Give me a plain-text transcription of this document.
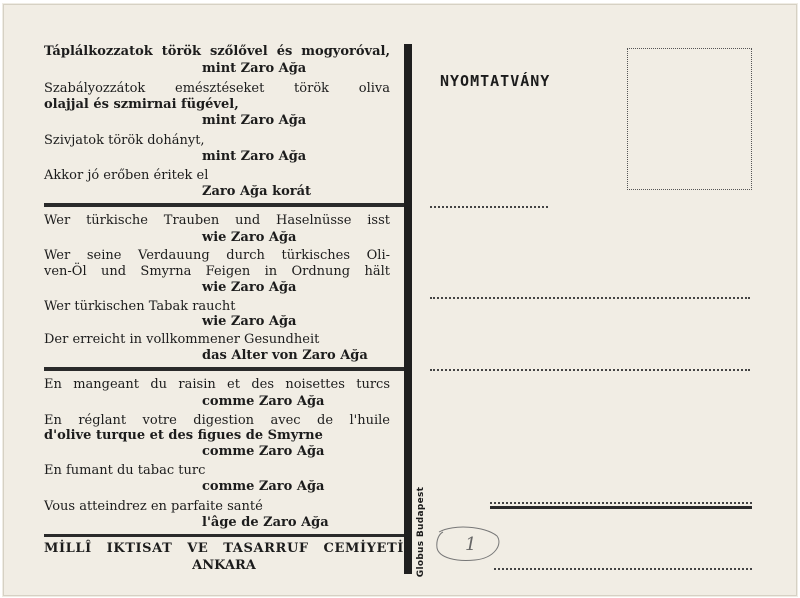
Táplálkozzatok török szőlővel és mogyoróval,

mint Zaro Ağa

Szabályozzátok emésztéseket török oliva

olajjal és szmirnai fügével,

mint Zaro Ağa

Szivjatok török dohányt,

mint Zaro Ağa

Akkor jó erőben éritek el

Zaro Ağa korát

Wer türkische Trauben und Haselnüsse isst

wie Zaro Ağa

Wer seine Verdauung durch türkisches Oli-

ven-Öl und Smyrna Feigen in Ordnung hält

wie Zaro Ağa

Wer türkischen Tabak raucht

wie Zaro Ağa

Der erreicht in vollkommener Gesundheit

das Alter von Zaro Ağa

En mangeant du raisin et des noisettes turcs

comme Zaro Ağa

En réglant votre digestion avec de l'huile

d'olive turque et des figues de Smyrne

comme Zaro Ağa

En fumant du tabac turc

comme Zaro Ağa

Vous atteindrez en parfaite santé

l'âge de Zaro Ağa

MİLLÎ IKTISAT VE TASARRUF CEMİYETİ
ANKARA	Globus Budapest
NYOMTATVÁNY
1
